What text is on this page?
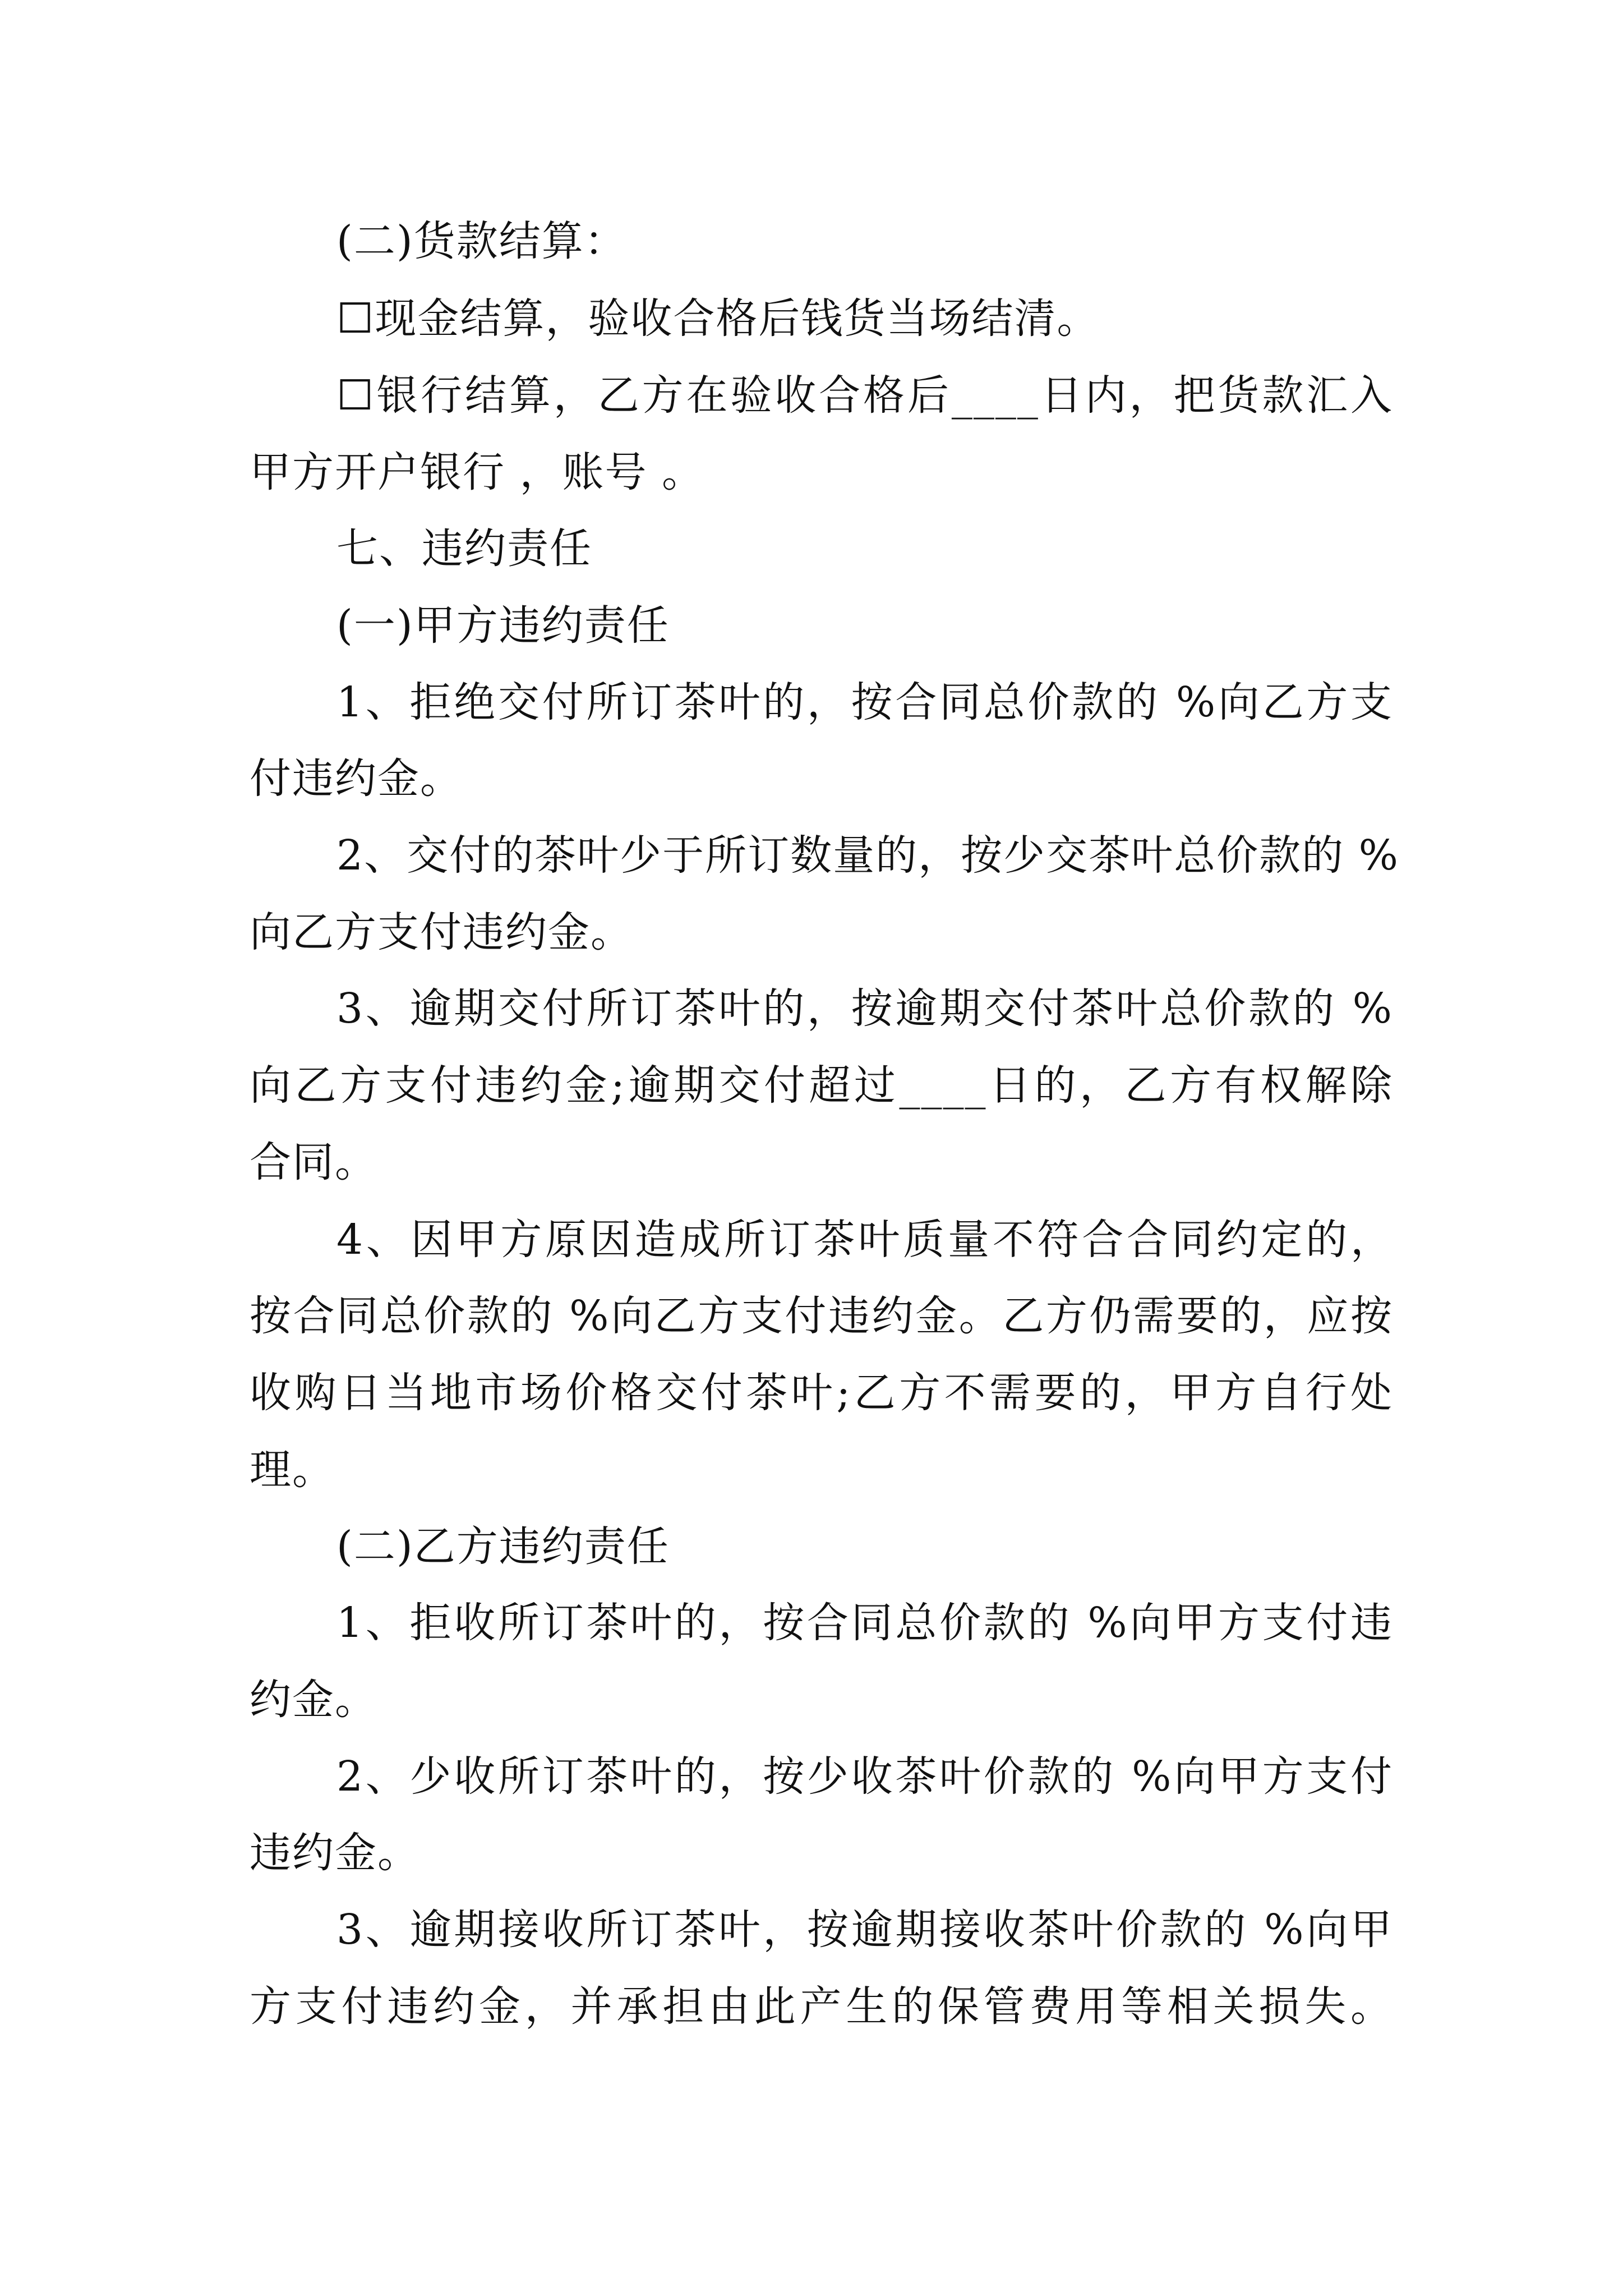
(二)货款结算：
☐现金结算，验收合格后钱货当场结清。
☐银行结算，乙方在验收合格后____日内，把货款汇入
甲方开户银行 ，账号 。
七、违约责任
(一)甲方违约责任
1、拒绝交付所订茶叶的，按合同总价款的 %向乙方支
付违约金。
2、交付的茶叶少于所订数量的，按少交茶叶总价款的 %
向乙方支付违约金。
3、逾期交付所订茶叶的，按逾期交付茶叶总价款的 %
向乙方支付违约金;逾期交付超过____日的，乙方有权解除
合同。
4、因甲方原因造成所订茶叶质量不符合合同约定的，
按合同总价款的 %向乙方支付违约金。乙方仍需要的，应按
收购日当地市场价格交付茶叶;乙方不需要的，甲方自行处
理。
(二)乙方违约责任
1、拒收所订茶叶的，按合同总价款的 %向甲方支付违
约金。
2、少收所订茶叶的，按少收茶叶价款的 %向甲方支付
违约金。
3、逾期接收所订茶叶，按逾期接收茶叶价款的 %向甲
方支付违约金，并承担由此产生的保管费用等相关损失。
